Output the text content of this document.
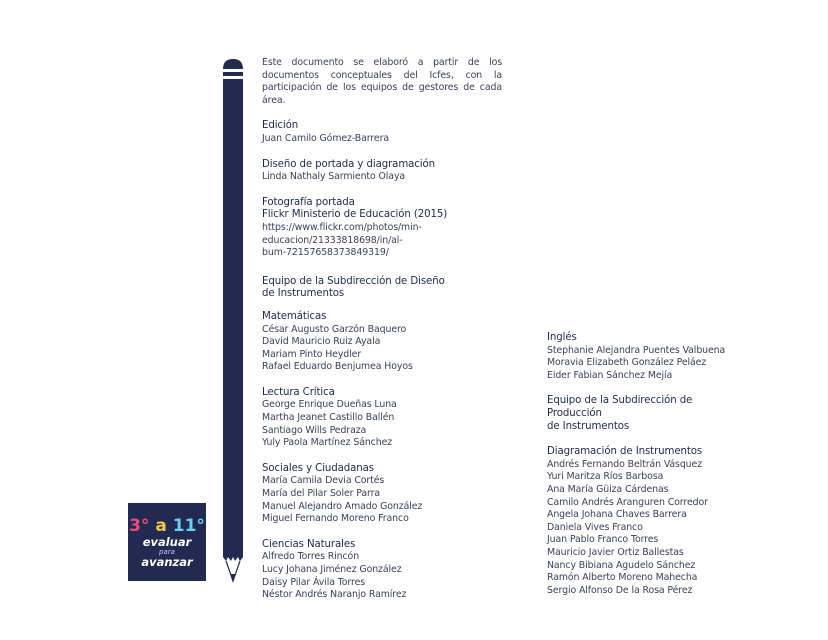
Este documento se elaboró a partir de los documentos conceptuales del Icfes, con la participación de los equipos de gestores de cada área.
Edición
Juan Camilo Gómez-Barrera
Diseño de portada y diagramación
Linda Nathaly Sarmiento Olaya
Fotografía portada
Flickr Ministerio de Educación (2015)
https://www.flickr.com/photos/min-
educacion/21333818698/in/al-
bum-72157658373849319/
Equipo de la Subdirección de Diseño
de Instrumentos
Matemáticas
César Augusto Garzón Baquero
David Mauricio Ruiz Ayala
Mariam Pinto Heydler
Rafael Eduardo Benjumea Hoyos
Lectura Crítica
George Enrique Dueñas Luna
Martha Jeanet Castillo Ballén
Santiago Wills Pedraza
Yuly Paola Martínez Sánchez
Sociales y Ciudadanas
María Camila Devia Cortés
María del Pilar Soler Parra
Manuel Alejandro Amado González
Miguel Fernando Moreno Franco
Ciencias Naturales
Alfredo Torres Rincón
Lucy Johana Jiménez González
Daisy Pilar Ávila Torres
Néstor Andrés Naranjo Ramírez
Inglés
Stephanie Alejandra Puentes Valbuena
Moravia Elizabeth González Peláez
Eider Fabian Sánchez Mejía
Equipo de la Subdirección de Producción
de Instrumentos
Diagramación de Instrumentos
Andrés Fernando Beltrán Vásquez
Yuri Maritza Ríos Barbosa
Ana María Güiza Cárdenas
Camilo Andrés Aranguren Corredor
Angela Johana Chaves Barrera
Daniela Vives Franco
Juan Pablo Franco Torres
Mauricio Javier Ortiz Ballestas
Nancy Bibiana Agudelo Sánchez
Ramón Alberto Moreno Mahecha
Sergio Alfonso De la Rosa Pérez
3° a 11°
evaluar
para
avanzar
